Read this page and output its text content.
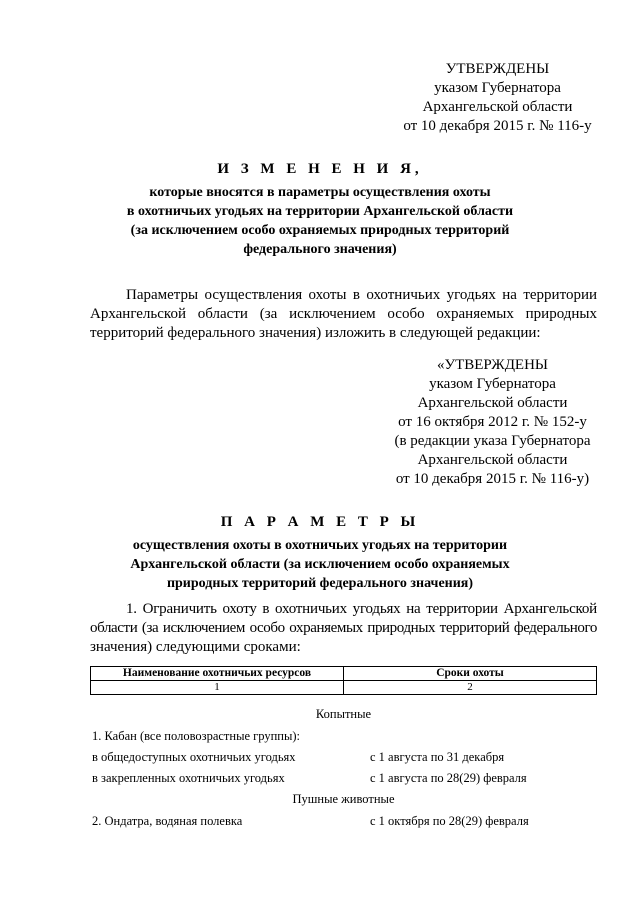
УТВЕРЖДЕНЫ
указом Губернатора
Архангельской области
от 10 декабря 2015 г. № 116-у
И З М Е Н Е Н И Я,
которые вносятся в параметры осуществления охоты
в охотничьих угодьях на территории Архангельской области
(за исключением особо охраняемых природных территорий
федерального значения)
Параметры осуществления охоты в охотничьих угодьях на территории
Архангельской области (за исключением особо охраняемых природных
территорий федерального значения) изложить в следующей редакции:
«УТВЕРЖДЕНЫ
указом Губернатора
Архангельской области
от 16 октября 2012 г. № 152-у
(в редакции указа Губернатора
Архангельской области
от 10 декабря 2015 г. № 116-у)
П А Р А М Е Т Р Ы
осуществления охоты в охотничьих угодьях на территории
Архангельской области (за исключением особо охраняемых
природных территорий федерального значения)
1. Ограничить охоту в охотничьих угодьях на территории Архангельской
области (за исключением особо охраняемых природных территорий федерального
значения) следующими сроками:
Наименование охотничьих ресурсов	Сроки охоты
1	2
Копытные
1. Кабан (все половозрастные группы):
в общедоступных охотничьих угодьях	с 1 августа по 31 декабря
в закрепленных охотничьих угодьях	с 1 августа по 28(29) февраля
Пушные животные
2. Ондатра, водяная полевка	с 1 октября по 28(29) февраля
